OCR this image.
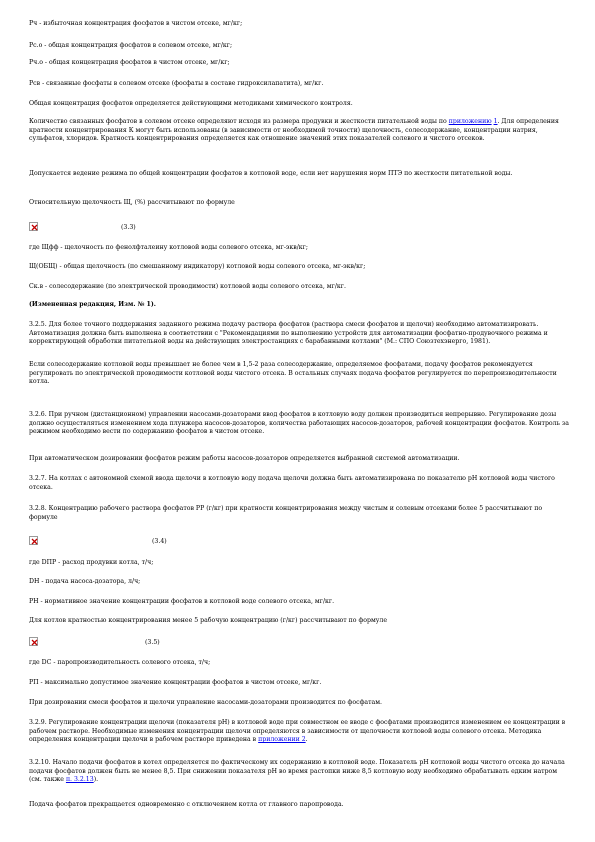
Рч - избыточная концентрация фосфатов в чистом отсеке, мг/кг;

Рс.о - общая концентрация фосфатов в солевом отсеке, мг/кг;

Рч.о - общая концентрация фосфатов в чистом отсеке, мг/кг;

Рсв - связанные фосфаты в солевом отсеке (фосфаты в составе гидроксилапатита), мг/кг.

Общая концентрация фосфатов определяется действующими методиками химического контроля.

Количество связанных фосфатов в солевом отсеке определяют исходя из размера продувки и жесткости питательной воды по приложению 1. Для определения кратности концентрирования К могут быть использованы (в зависимости от необходимой точности) щелочность, солесодержание, концентрации натрия, сульфатов, хлоридов. Кратность концентрирования определяется как отношение значений этих показателей солевого и чистого отсеков.

Допускается ведение режима по общей концентрации фосфатов в котловой воде, если нет нарушения норм ПТЭ по жесткости питательной воды.

Относительную щелочность Щ, (%) рассчитывают по формуле

(3.3)

где Щфф - щелочность по фенолфталеину котловой воды солевого отсека, мг-экв/кг;

Щ(ОБЩ) - общая щелочность (по смешанному индикатору) котловой воды солевого отсека, мг-экв/кг;

Ск.в - солесодержание (по электрической проводимости) котловой воды солевого отсека, мг/кг.

(Измененная редакция, Изм. № 1).

3.2.5. Для более точного поддержания заданного режима подачу раствора фосфатов (раствора смеси фосфатов и щелочи) необходимо автоматизировать. Автоматизация должна быть выполнена в соответствии с "Рекомендациями по выполнению устройств для автоматизации фосфатно-продувочного режима и корректирующей обработки питательной воды на действующих электростанциях с барабанными котлами" (М.: СПО Союзтехэнерго, 1981).

Если солесодержание котловой воды превышает не более чем в 1,5-2 раза солесодержание, определяемое фосфатами, подачу фосфатов рекомендуется регулировать по электрической проводимости котловой воды чистого отсека. В остальных случаях подача фосфатов регулируется по перепроизводительности котла.

3.2.6. При ручном (дистанционном) управлении насосами-дозаторами ввод фосфатов в котловую воду должен производиться непрерывно. Регулирование дозы должно осуществляться изменением хода плунжера насосов-дозаторов, количества работающих насосов-дозаторов, рабочей концентрации фосфатов. Контроль за режимом необходимо вести по содержанию фосфатов в чистом отсеке.

При автоматическом дозировании фосфатов режим работы насосов-дозаторов определяется выбранной системой автоматизации.

3.2.7. На котлах с автономной схемой ввода щелочи в котловую воду подача щелочи должна быть автоматизирована по показателю рН котловой воды чистого отсека.

3.2.8. Концентрацию рабочего раствора фосфатов РР (г/кг) при кратности концентрирования между чистым и солевым отсеками более 5 рассчитывают по формуле

(3.4)

где DПР - расход продувки котла, т/ч;

DН - подача насоса-дозатора, л/ч;

РН - нормативное значение концентрации фосфатов в котловой воде солевого отсека, мг/кг.

Для котлов кратностью концентрирования менее 5 рабочую концентрацию (г/кг) рассчитывают по формуле

(3.5)

где DС - паропроизводительность солевого отсека, т/ч;

РП - максимально допустимое значение концентрации фосфатов в чистом отсеке, мг/кг.

При дозировании смеси фосфатов и щелочи управление насосами-дозаторами производится по фосфатам.

3.2.9. Регулирование концентрации щелочи (показателя рН) в котловой воде при совместном ее вводе с фосфатами производится изменением ее концентрации в рабочем растворе. Необходимые изменения концентрации щелочи определяются в зависимости от щелочности котловой воды солевого отсека. Методика определения концентрации щелочи в рабочем растворе приведена в приложении 2.

3.2.10. Начало подачи фосфатов в котел определяется по фактическому их содержанию в котловой воде. Показатель рН котловой воды чистого отсека до начала подачи фосфатов должен быть не менее 8,5. При снижении показателя рН во время растопки ниже 8,5 котловую воду необходимо обрабатывать едким натром (см. также п. 3.2.13).

Подача фосфатов прекращается одновременно с отключением котла от главного паропровода.
